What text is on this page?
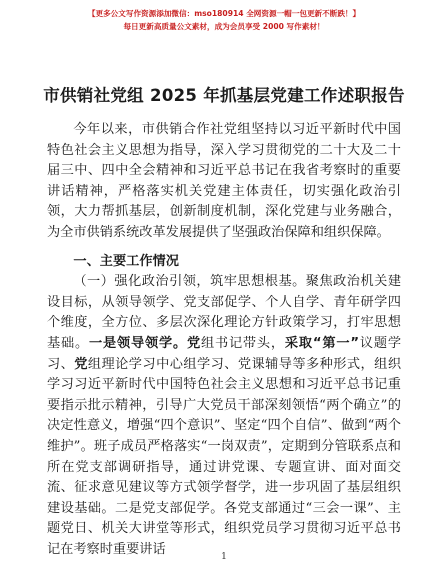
【更多公文写作资源添加微信：mso180914 全网资源一帽一包更新不断跌！】
每日更新高质量公文素材，成为会员享受 2000 写作素材！
市供销社党组 2025 年抓基层党建工作述职报告

今年以来，市供销合作社党组坚持以习近平新时代中国特色社会主义思想为指导，深入学习贯彻党的二十大及二十届三中、四中全会精神和习近平总书记在我省考察时的重要讲话精神，严格落实机关党建主体责任，切实强化政治引领，大力帮抓基层，创新制度机制，深化党建与业务融合，为全市供销系统改革发展提供了坚强政治保障和组织保障。

一、主要工作情况

（一）强化政治引领，筑牢思想根基。聚焦政治机关建设目标，从领导领学、党支部促学、个人自学、青年研学四个维度，全方位、多层次深化理论方针政策学习，打牢思想基础。一是领导领学。党组书记带头，采取“第一”议题学习、党组理论学习中心组学习、党课辅导等多种形式，组织学习习近平新时代中国特色社会主义思想和习近平总书记重要指示批示精神，引导广大党员干部深刻领悟“两个确立”的决定性意义，增强“四个意识”、坚定“四个自信”、做到“两个维护”。班子成员严格落实“一岗双责”，定期到分管联系点和所在党支部调研指导，通过讲党课、专题宣讲、面对面交流、征求意见建议等方式领学督学，进一步巩固了基层组织建设基础。二是党支部促学。各党支部通过“三会一课”、主题党日、机关大讲堂等形式，组织党员学习贯彻习近平总书记在考察时重要讲话

1
